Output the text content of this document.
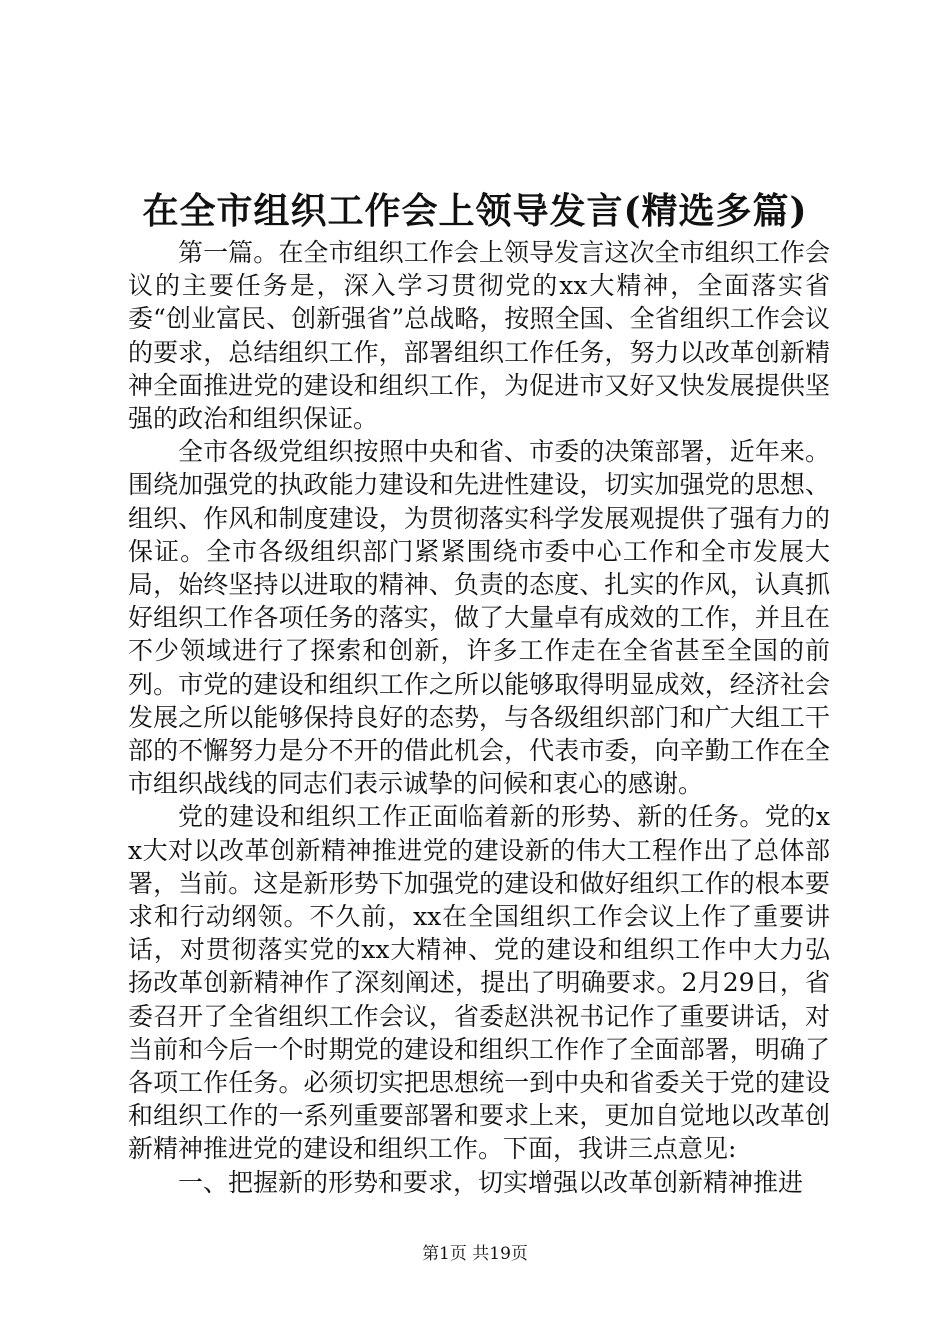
在全市组织工作会上领导发言(精选多篇)

第一篇。在全市组织工作会上领导发言这次全市组织工作会议的主要任务是，深入学习贯彻党的xx大精神，全面落实省委“创业富民、创新强省”总战略，按照全国、全省组织工作会议的要求，总结组织工作，部署组织工作任务，努力以改革创新精神全面推进党的建设和组织工作，为促进市又好又快发展提供坚强的政治和组织保证。

全市各级党组织按照中央和省、市委的决策部署，近年来。围绕加强党的执政能力建设和先进性建设，切实加强党的思想、组织、作风和制度建设，为贯彻落实科学发展观提供了强有力的保证。全市各级组织部门紧紧围绕市委中心工作和全市发展大局，始终坚持以进取的精神、负责的态度、扎实的作风，认真抓好组织工作各项任务的落实，做了大量卓有成效的工作，并且在不少领域进行了探索和创新，许多工作走在全省甚至全国的前列。市党的建设和组织工作之所以能够取得明显成效，经济社会发展之所以能够保持良好的态势，与各级组织部门和广大组工干部的不懈努力是分不开的借此机会，代表市委，向辛勤工作在全市组织战线的同志们表示诚挚的问候和衷心的感谢。

党的建设和组织工作正面临着新的形势、新的任务。党的xx大对以改革创新精神推进党的建设新的伟大工程作出了总体部署，当前。这是新形势下加强党的建设和做好组织工作的根本要求和行动纲领。不久前，xx在全国组织工作会议上作了重要讲话，对贯彻落实党的xx大精神、党的建设和组织工作中大力弘扬改革创新精神作了深刻阐述，提出了明确要求。2月29日，省委召开了全省组织工作会议，省委赵洪祝书记作了重要讲话，对当前和今后一个时期党的建设和组织工作作了全面部署，明确了各项工作任务。必须切实把思想统一到中央和省委关于党的建设和组织工作的一系列重要部署和要求上来，更加自觉地以改革创新精神推进党的建设和组织工作。下面，我讲三点意见:

一、把握新的形势和要求，切实增强以改革创新精神推进

第1页 共19页
